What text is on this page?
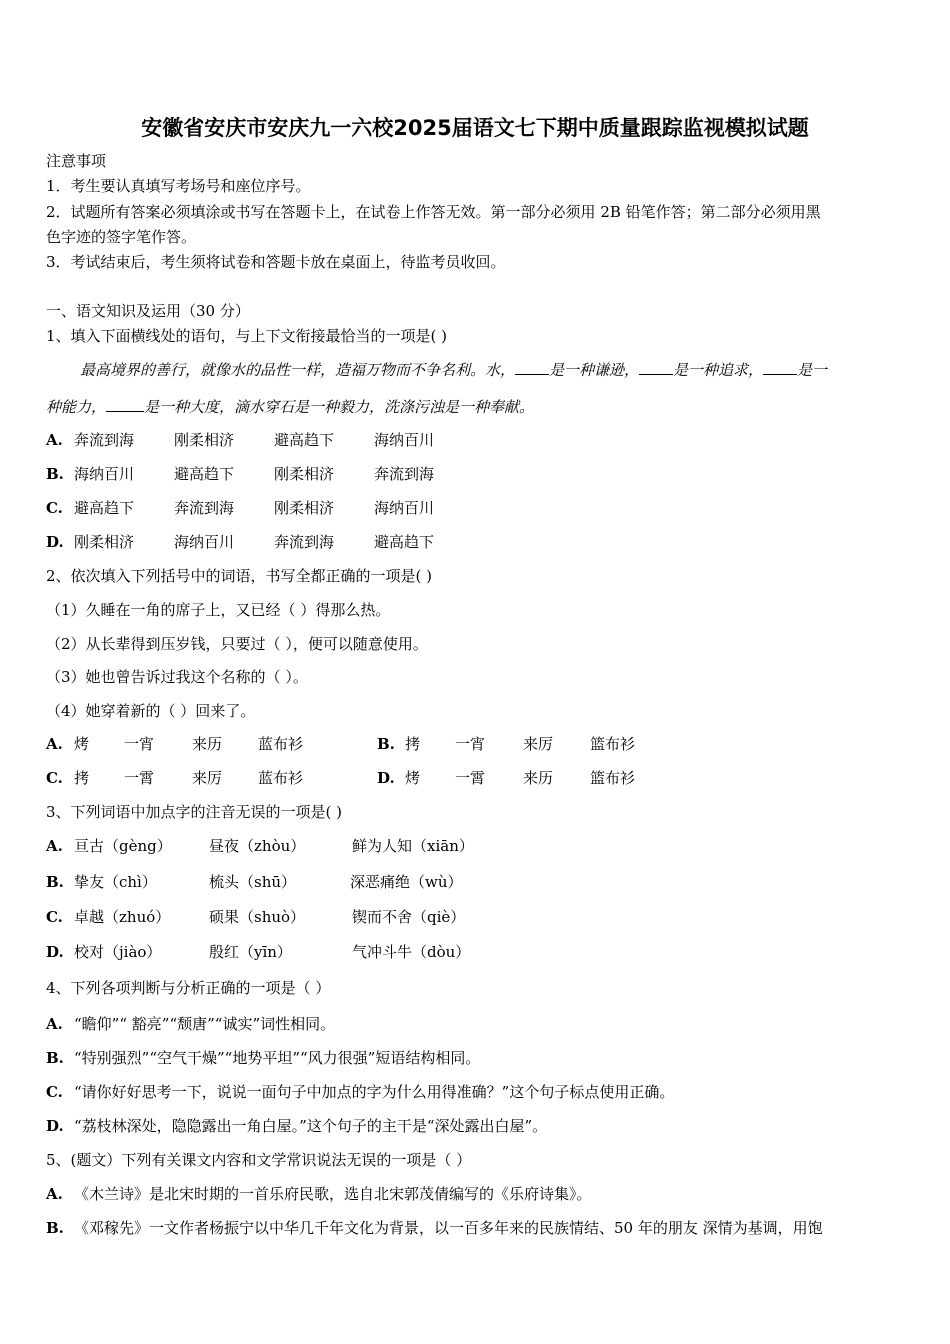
安徽省安庆市安庆九一六校2025届语文七下期中质量跟踪监视模拟试题
注意事项
1．考生要认真填写考场号和座位序号。
2．试题所有答案必须填涂或书写在答题卡上，在试卷上作答无效。第一部分必须用 2B 铅笔作答；第二部分必须用黑
色字迹的签字笔作答。
3．考试结束后，考生须将试卷和答题卡放在桌面上，待监考员收回。
一、语文知识及运用（30 分）
1、填入下面横线处的语句，与上下文衔接最恰当的一项是( )
最高境界的善行，就像水的品性一样，造福万物而不争名利。水， 是一种谦逊， 是一种追求， 是一
种能力，	是一种大度，滴水穿石是一种毅力，洗涤污浊是一种奉献。
A. 奔流到海	刚柔相济	避高趋下	海纳百川
B. 海纳百川	避高趋下	刚柔相济	奔流到海
C. 避高趋下	奔流到海	刚柔相济	海纳百川
D. 刚柔相济	海纳百川	奔流到海	避高趋下
2、依次填入下列括号中的词语，书写全都正确的一项是( )
（1）久睡在一角的席子上，又已经（ ）得那么热。
（2）从长辈得到压岁钱，只要过（ ），便可以随意使用。
（3）她也曾告诉过我这个名称的（ ）。
（4）她穿着新的（ ）回来了。
A. 烤 一宵	来历 蓝布衫	B. 拷 一宵	来厉 篮布衫
C. 拷 一霄	来厉 蓝布衫	D. 烤 一霄	来历 篮布衫
3、下列词语中加点字的注音无误的一项是( )
A. 亘古（gèng） 昼夜（zhòu）	鲜为人知（xiān）
B. 挚友（chì）	梳头（shū）	深恶痛绝（wù）
C. 卓越（zhuó）	硕果（shuò）	锲而不舍（qiè）
D. 校对（jiào）	殷红（yīn）	气冲斗牛（dòu）
4、下列各项判断与分析正确的一项是（ ）
A. “瞻仰”“ 豁亮”“颓唐”“诚实”词性相同。
B. “特别强烈”“空气干燥”“地势平坦”“风力很强”短语结构相同。
C. “请你好好思考一下，说说一面句子中加点的字为什么用得准确？”这个句子标点使用正确。
D. “荔枝林深处，隐隐露出一角白屋。”这个句子的主干是“深处露出白屋”。
5、(题文）下列有关课文内容和文学常识说法无误的一项是（ ）
A. 《木兰诗》是北宋时期的一首乐府民歌，选自北宋郭茂倩编写的《乐府诗集》。
B. 《邓稼先》一文作者杨振宁以中华几千年文化为背景，以一百多年来的民族情结、50 年的朋友 深情为基调，用饱
